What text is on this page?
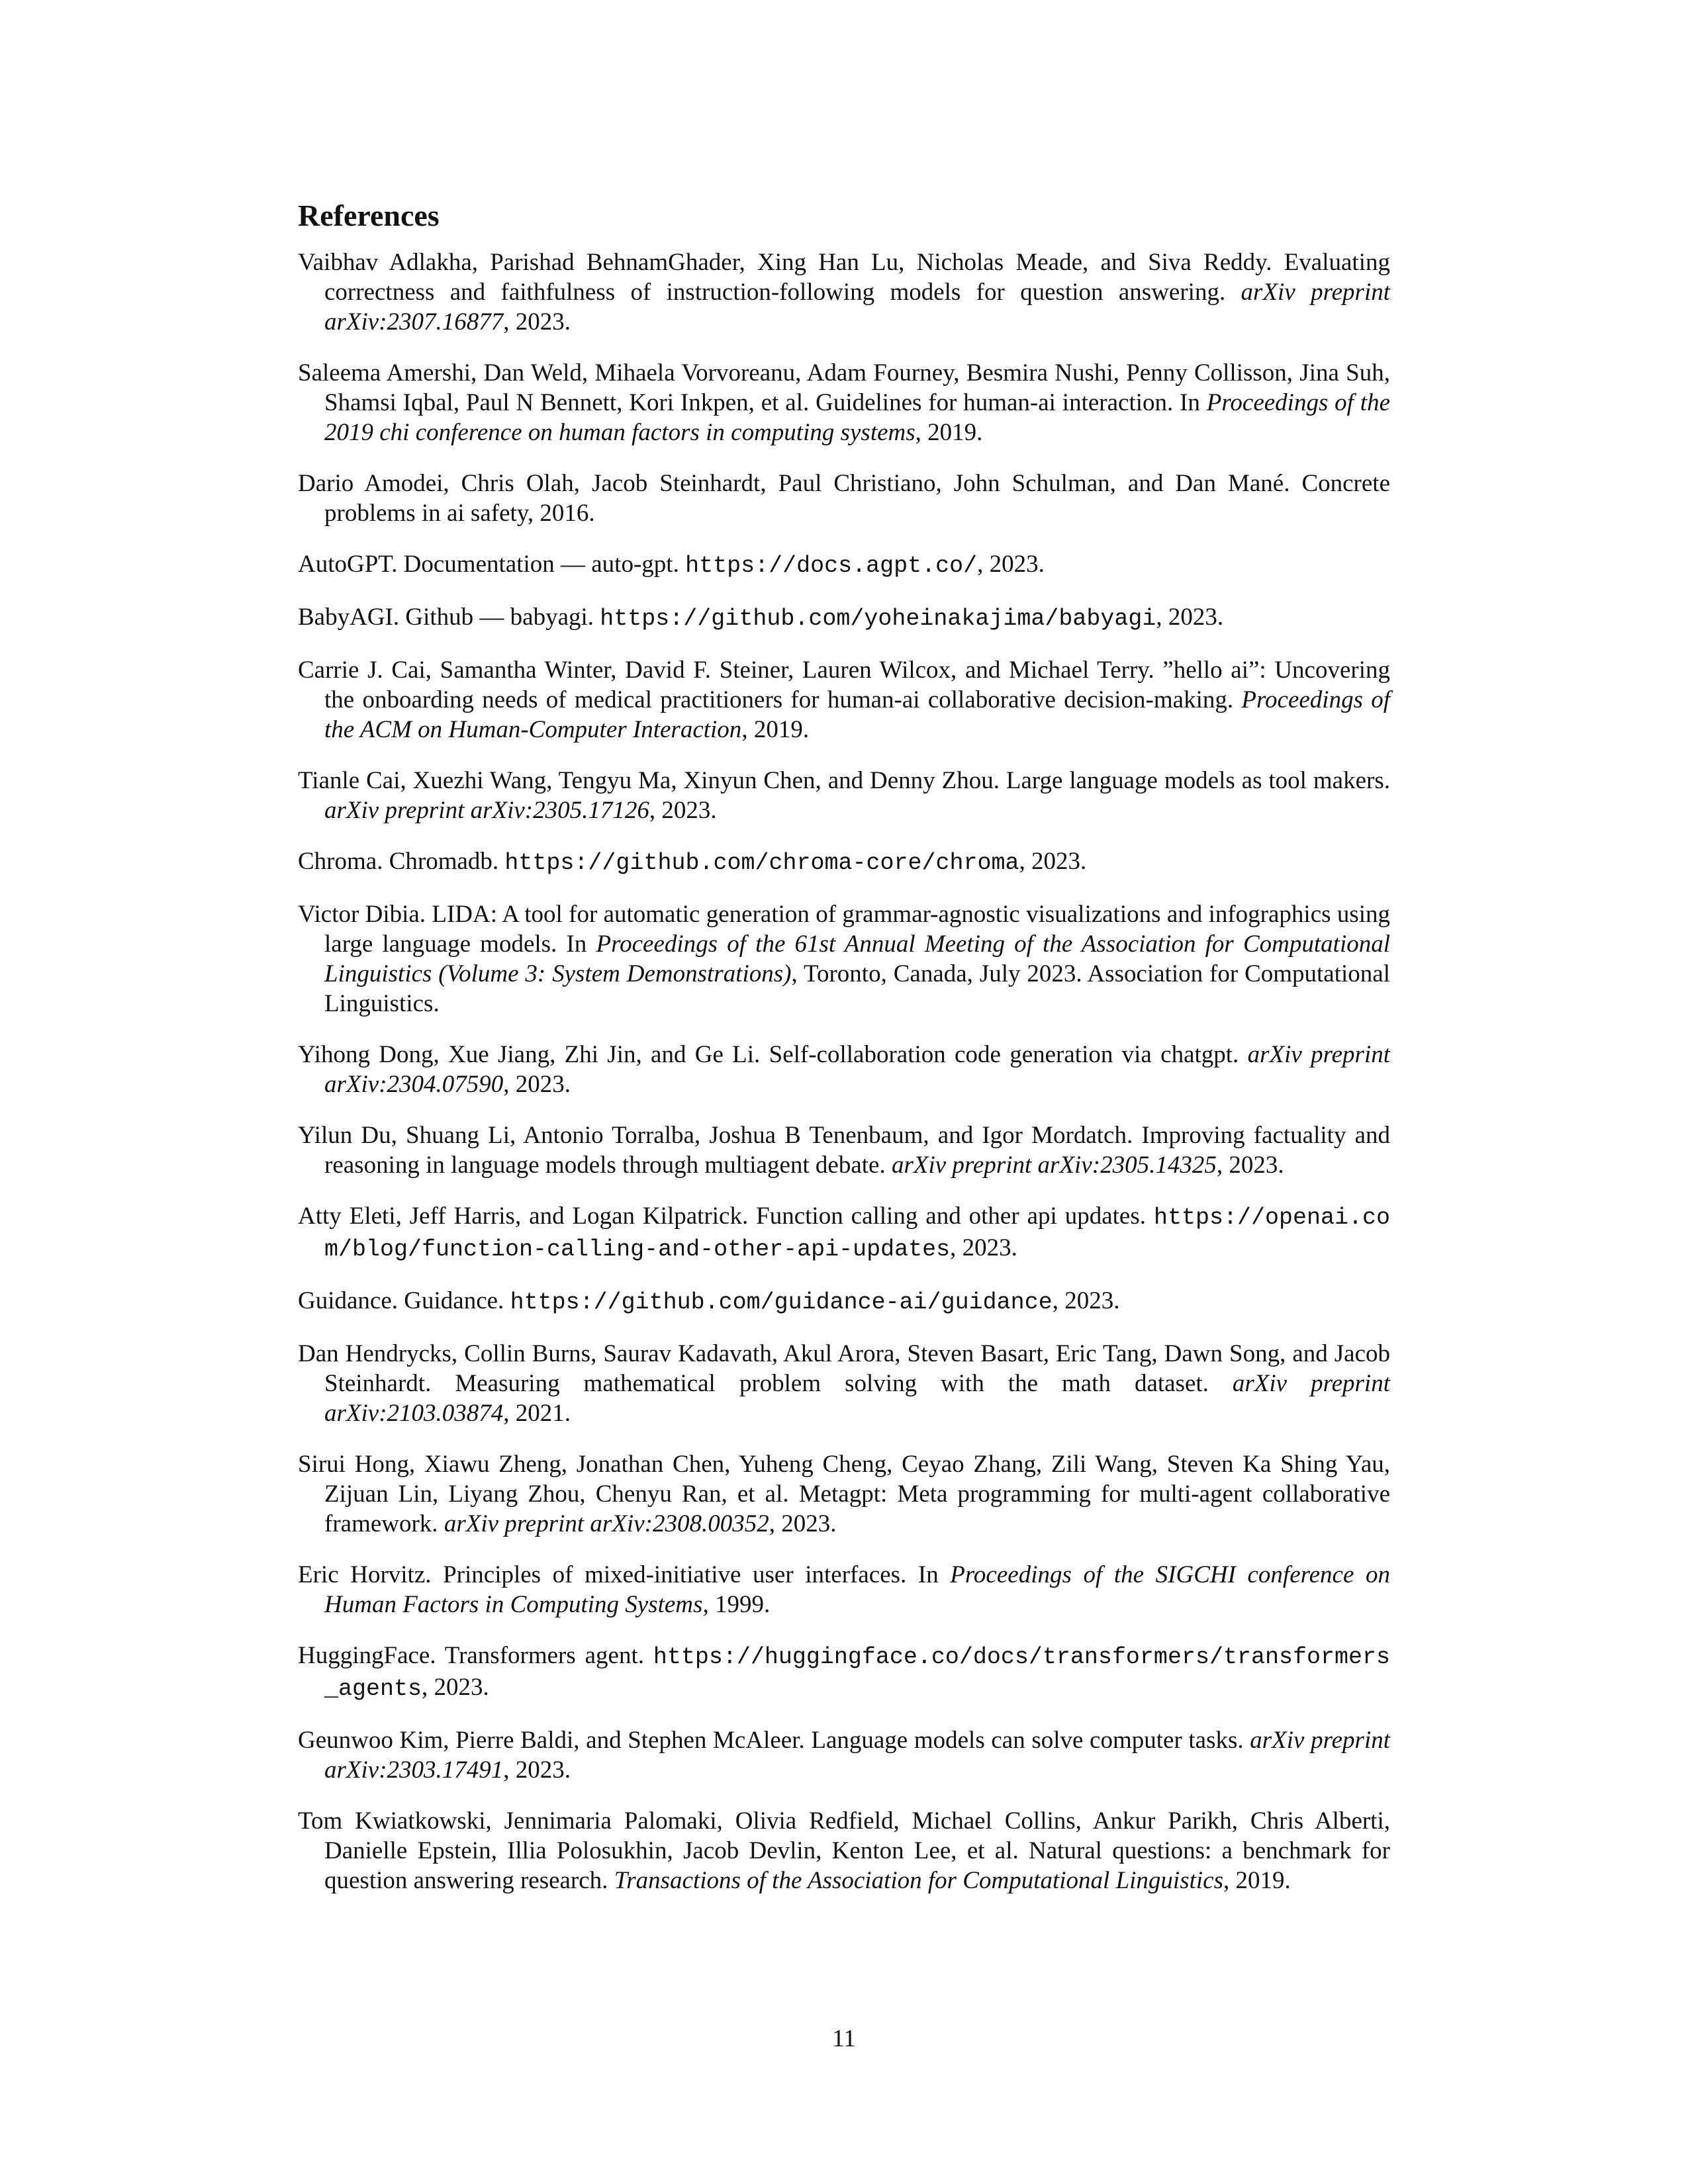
References
Vaibhav Adlakha, Parishad BehnamGhader, Xing Han Lu, Nicholas Meade, and Siva Reddy. Evaluating correctness and faithfulness of instruction-following models for question answering. arXiv preprint arXiv:2307.16877, 2023.
Saleema Amershi, Dan Weld, Mihaela Vorvoreanu, Adam Fourney, Besmira Nushi, Penny Collisson, Jina Suh, Shamsi Iqbal, Paul N Bennett, Kori Inkpen, et al. Guidelines for human-ai interaction. In Proceedings of the 2019 chi conference on human factors in computing systems, 2019.
Dario Amodei, Chris Olah, Jacob Steinhardt, Paul Christiano, John Schulman, and Dan Mané. Concrete problems in ai safety, 2016.
AutoGPT. Documentation — auto-gpt. https://docs.agpt.co/, 2023.
BabyAGI. Github — babyagi. https://github.com/yoheinakajima/babyagi, 2023.
Carrie J. Cai, Samantha Winter, David F. Steiner, Lauren Wilcox, and Michael Terry. ”hello ai”: Uncovering the onboarding needs of medical practitioners for human-ai collaborative decision-making. Proceedings of the ACM on Human-Computer Interaction, 2019.
Tianle Cai, Xuezhi Wang, Tengyu Ma, Xinyun Chen, and Denny Zhou. Large language models as tool makers. arXiv preprint arXiv:2305.17126, 2023.
Chroma. Chromadb. https://github.com/chroma-core/chroma, 2023.
Victor Dibia. LIDA: A tool for automatic generation of grammar-agnostic visualizations and infographics using large language models. In Proceedings of the 61st Annual Meeting of the Association for Computational Linguistics (Volume 3: System Demonstrations), Toronto, Canada, July 2023. Association for Computational Linguistics.
Yihong Dong, Xue Jiang, Zhi Jin, and Ge Li. Self-collaboration code generation via chatgpt. arXiv preprint arXiv:2304.07590, 2023.
Yilun Du, Shuang Li, Antonio Torralba, Joshua B Tenenbaum, and Igor Mordatch. Improving factuality and reasoning in language models through multiagent debate. arXiv preprint arXiv:2305.14325, 2023.
Atty Eleti, Jeff Harris, and Logan Kilpatrick. Function calling and other api updates. https://openai.com/blog/function-calling-and-other-api-updates, 2023.
Guidance. Guidance. https://github.com/guidance-ai/guidance, 2023.
Dan Hendrycks, Collin Burns, Saurav Kadavath, Akul Arora, Steven Basart, Eric Tang, Dawn Song, and Jacob Steinhardt. Measuring mathematical problem solving with the math dataset. arXiv preprint arXiv:2103.03874, 2021.
Sirui Hong, Xiawu Zheng, Jonathan Chen, Yuheng Cheng, Ceyao Zhang, Zili Wang, Steven Ka Shing Yau, Zijuan Lin, Liyang Zhou, Chenyu Ran, et al. Metagpt: Meta programming for multi-agent collaborative framework. arXiv preprint arXiv:2308.00352, 2023.
Eric Horvitz. Principles of mixed-initiative user interfaces. In Proceedings of the SIGCHI conference on Human Factors in Computing Systems, 1999.
HuggingFace. Transformers agent. https://huggingface.co/docs/transformers/transformers_agents, 2023.
Geunwoo Kim, Pierre Baldi, and Stephen McAleer. Language models can solve computer tasks. arXiv preprint arXiv:2303.17491, 2023.
Tom Kwiatkowski, Jennimaria Palomaki, Olivia Redfield, Michael Collins, Ankur Parikh, Chris Alberti, Danielle Epstein, Illia Polosukhin, Jacob Devlin, Kenton Lee, et al. Natural questions: a benchmark for question answering research. Transactions of the Association for Computational Linguistics, 2019.
11
